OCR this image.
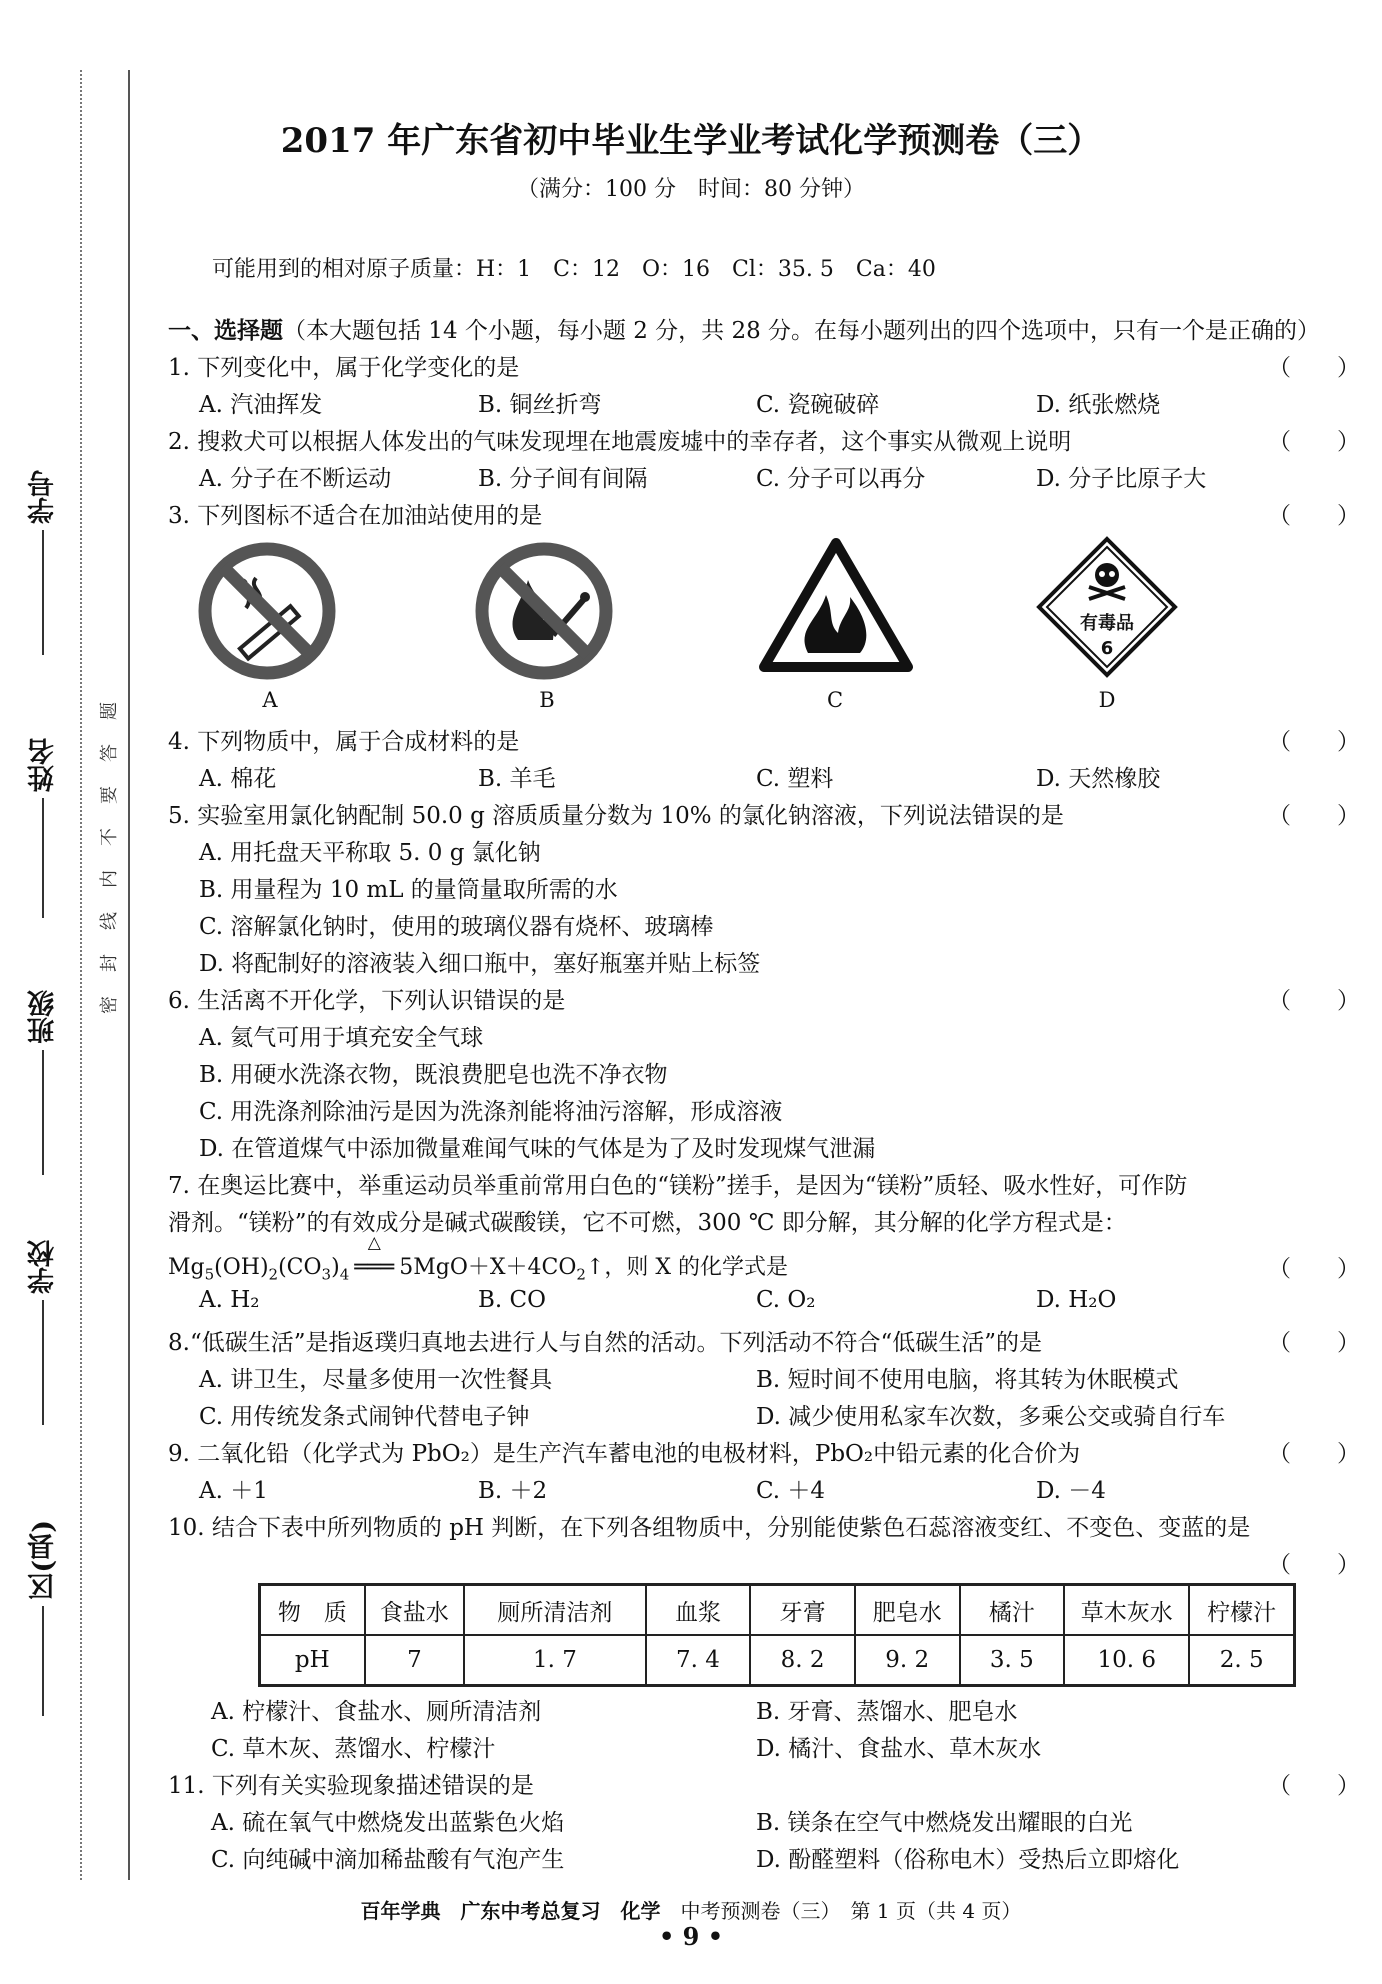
学号
姓名
班级
学校
区(县)
题
答
要
不
内
线
封
密
2017 年广东省初中毕业生学业考试化学预测卷（三）
（满分：100 分　时间：80 分钟）
可能用到的相对原子质量：H：1　C：12　O：16　Cl：35. 5　Ca：40
一、选择题（本大题包括 14 个小题，每小题 2 分，共 28 分。在每小题列出的四个选项中，只有一个是正确的）
1. 下列变化中，属于化学变化的是	（　　）
A. 汽油挥发	B. 铜丝折弯	C. 瓷碗破碎	D. 纸张燃烧
2. 搜救犬可以根据人体发出的气味发现埋在地震废墟中的幸存者，这个事实从微观上说明	（　　）
A. 分子在不断运动	B. 分子间有间隔	C. 分子可以再分	D. 分子比原子大
3. 下列图标不适合在加油站使用的是	（　　）
A	B	C
有毒品
6
D
4. 下列物质中，属于合成材料的是	（　　）
A. 棉花	B. 羊毛	C. 塑料	D. 天然橡胶
5. 实验室用氯化钠配制 50.0 g 溶质质量分数为 10% 的氯化钠溶液，下列说法错误的是	（　　）
A. 用托盘天平称取 5. 0 g 氯化钠
B. 用量程为 10 mL 的量筒量取所需的水
C. 溶解氯化钠时，使用的玻璃仪器有烧杯、玻璃棒
D. 将配制好的溶液装入细口瓶中，塞好瓶塞并贴上标签
6. 生活离不开化学，下列认识错误的是	（　　）
A. 氦气可用于填充安全气球
B. 用硬水洗涤衣物，既浪费肥皂也洗不净衣物
C. 用洗涤剂除油污是因为洗涤剂能将油污溶解，形成溶液
D. 在管道煤气中添加微量难闻气味的气体是为了及时发现煤气泄漏
7. 在奥运比赛中，举重运动员举重前常用白色的“镁粉”搓手，是因为“镁粉”质轻、吸水性好，可作防
滑剂。“镁粉”的有效成分是碱式碳酸镁，它不可燃，300 ℃ 即分解，其分解的化学方程式是：
$Mg_5(OH)_2(CO_3)_4$
△
═══ $5MgO+X+4CO_2↑$，则 X 的化学式是	（　　）
A. H₂	B. CO	C. O₂	D. H₂O
8.“低碳生活”是指返璞归真地去进行人与自然的活动。下列活动不符合“低碳生活”的是	（　　）
A. 讲卫生，尽量多使用一次性餐具	B. 短时间不使用电脑，将其转为休眠模式
C. 用传统发条式闹钟代替电子钟	D. 减少使用私家车次数，多乘公交或骑自行车
9. 二氧化铅（化学式为 PbO₂）是生产汽车蓄电池的电极材料，PbO₂中铅元素的化合价为	（　　）
A. ＋1	B. ＋2	C. ＋4	D. －4
10. 结合下表中所列物质的 pH 判断，在下列各组物质中，分别能使紫色石蕊溶液变红、不变色、变蓝的是
（　　）
物　质	食盐水	厕所清洁剂	血浆	牙膏	肥皂水	橘汁	草木灰水	柠檬汁
pH	7	1. 7	7. 4	8. 2	9. 2	3. 5	10. 6	2. 5
A. 柠檬汁、食盐水、厕所清洁剂	B. 牙膏、蒸馏水、肥皂水
C. 草木灰、蒸馏水、柠檬汁	D. 橘汁、食盐水、草木灰水
11. 下列有关实验现象描述错误的是	（　　）
A. 硫在氧气中燃烧发出蓝紫色火焰	B. 镁条在空气中燃烧发出耀眼的白光
C. 向纯碱中滴加稀盐酸有气泡产生	D. 酚醛塑料（俗称电木）受热后立即熔化
百年学典　广东中考总复习　化学　 中考预测卷（三）　第 1 页（共 4 页）
• 9 •
